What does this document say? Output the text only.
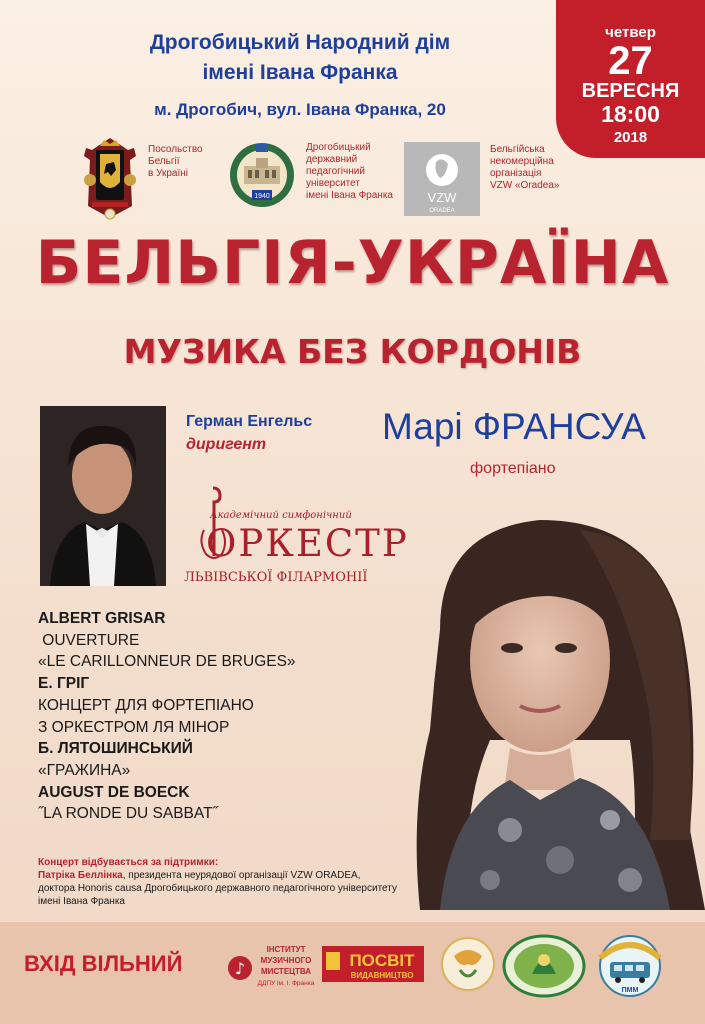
Дрогобицький Народний дім
імені Івана Франка
м. Дрогобич, вул. Івана Франка, 20
четвер
27
ВЕРЕСНЯ
18:00
2018
Посольство
Бельгії
в Україні
1940
Дрогобицький
державний
педагогічний
університет
імені Івана Франка	VZW
ORADEA
Бельгійська
некомерційна
організація
VZW «Oradea»
БЕЛЬГІЯ-УКРАЇНА
МУЗИКА БЕЗ КОРДОНІВ
Герман Енгельс
диригент
Академічний симфонічний
ОРКЕСТР
ЛЬВІВСЬКОЇ ФІЛАРМОНІЇ
Марі ФРАНСУА
фортепіано
ALBERT GRISAR
OUVERTURE
«LE CARILLONNEUR DE BRUGES»
Е. ГРІГ
КОНЦЕРТ ДЛЯ ФОРТЕПІАНО
З ОРКЕСТРОМ ЛЯ МІНОР
Б. ЛЯТОШИНСЬКИЙ
«ГРАЖИНА»
AUGUST DE BOECK
˝LA RONDE DU SABBAT˝
Концерт відбувається за підтримки:
Патріка Беллінка, президента неурядової організації VZW ORADEA,
доктора Honoris causa Дрогобицького державного педагогічного університету
імені Івана Франка
ВХІД ВІЛЬНИЙ	♪
ІНСТИТУТ
МУЗИЧНОГО
МИСТЕЦТВА
ДДПУ ім. І. Франка
ПОСВІТ
ВИДАВНИЦТВО
ПММ
